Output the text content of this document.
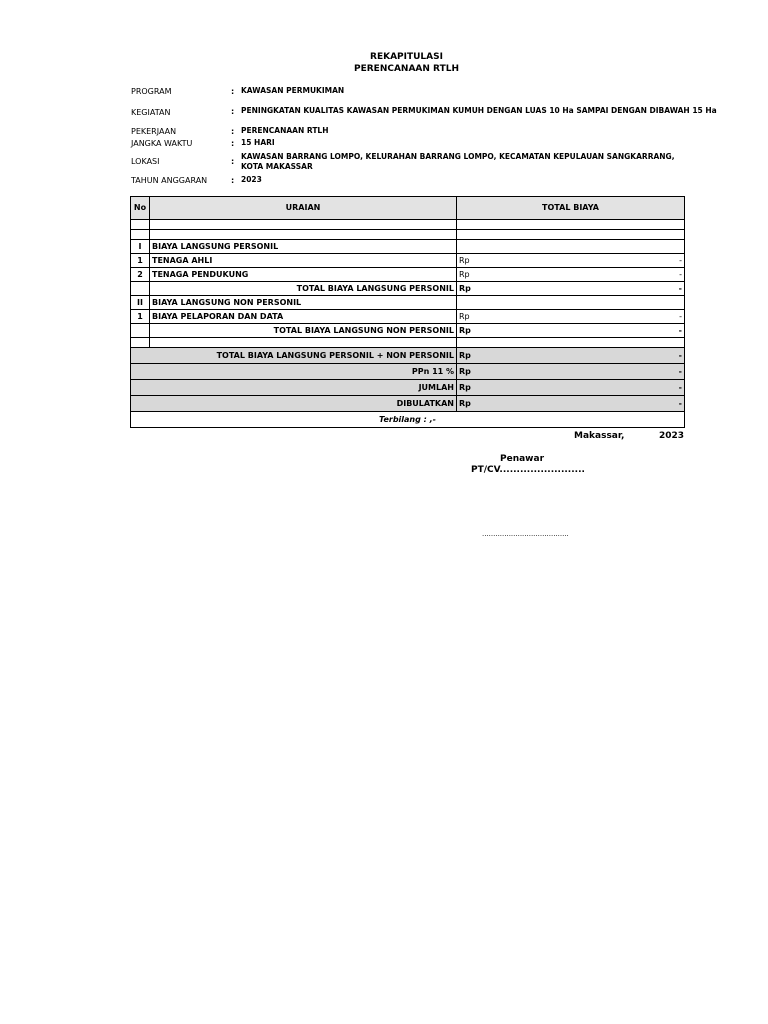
REKAPITULASI
PERENCANAAN RTLH
PROGRAM	: KAWASAN PERMUKIMAN
KEGIATAN	: PENINGKATAN KUALITAS KAWASAN PERMUKIMAN KUMUH DENGAN LUAS 10 Ha SAMPAI DENGAN DIBAWAH 15 Ha
PEKERJAAN	: PERENCANAAN RTLH
JANGKA WAKTU	: 15 HARI
LOKASI	:
KAWASAN BARRANG LOMPO, KELURAHAN BARRANG LOMPO, KECAMATAN KEPULAUAN SANGKARRANG, KOTA MAKASSAR
TAHUN ANGGARAN	: 2023
No	URAIAN	TOTAL BIAYA

I	BIAYA LANGSUNG PERSONIL	
1	TENAGA AHLI	Rp -

2	TENAGA PENDUKUNG	Rp -

	TOTAL BIAYA LANGSUNG PERSONIL	Rp -

II	BIAYA LANGSUNG NON PERSONIL	
1	BIAYA PELAPORAN DAN DATA	Rp -

	TOTAL BIAYA LANGSUNG NON PERSONIL	Rp -

TOTAL BIAYA LANGSUNG PERSONIL + NON PERSONIL		Rp -

PPn 11 %		Rp -

JUMLAH		Rp -

DIBULATKAN		Rp -

Terbilang : ,-		
Makassar,	2023
Penawar
PT/CV.........................
.......................................
